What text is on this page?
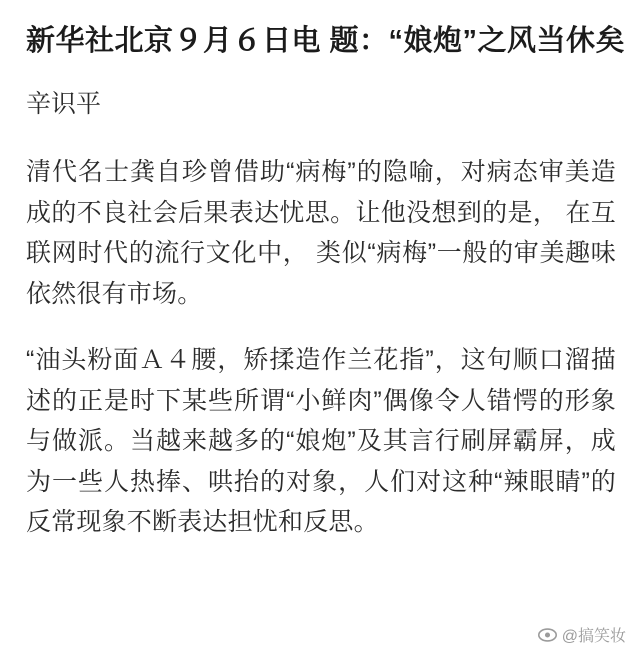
新华社北京９月６日电 题：“娘炮”之风当休矣
辛识平

清代名士龚自珍曾借助“病梅”的隐喻，对病态审美造成的不良社会后果表达忧思。让他没想到的是， 在互联网时代的流行文化中， 类似“病梅”一般的审美趣味依然很有市场。

“油头粉面Ａ４腰，矫揉造作兰花指”，这句顺口溜描述的正是时下某些所谓“小鲜肉”偶像令人错愕的形象与做派。当越来越多的“娘炮”及其言行刷屏霸屏，成为一些人热捧、哄抬的对象，人们对这种“辣眼睛”的反常现象不断表达担忧和反思。

@搞笑妆
